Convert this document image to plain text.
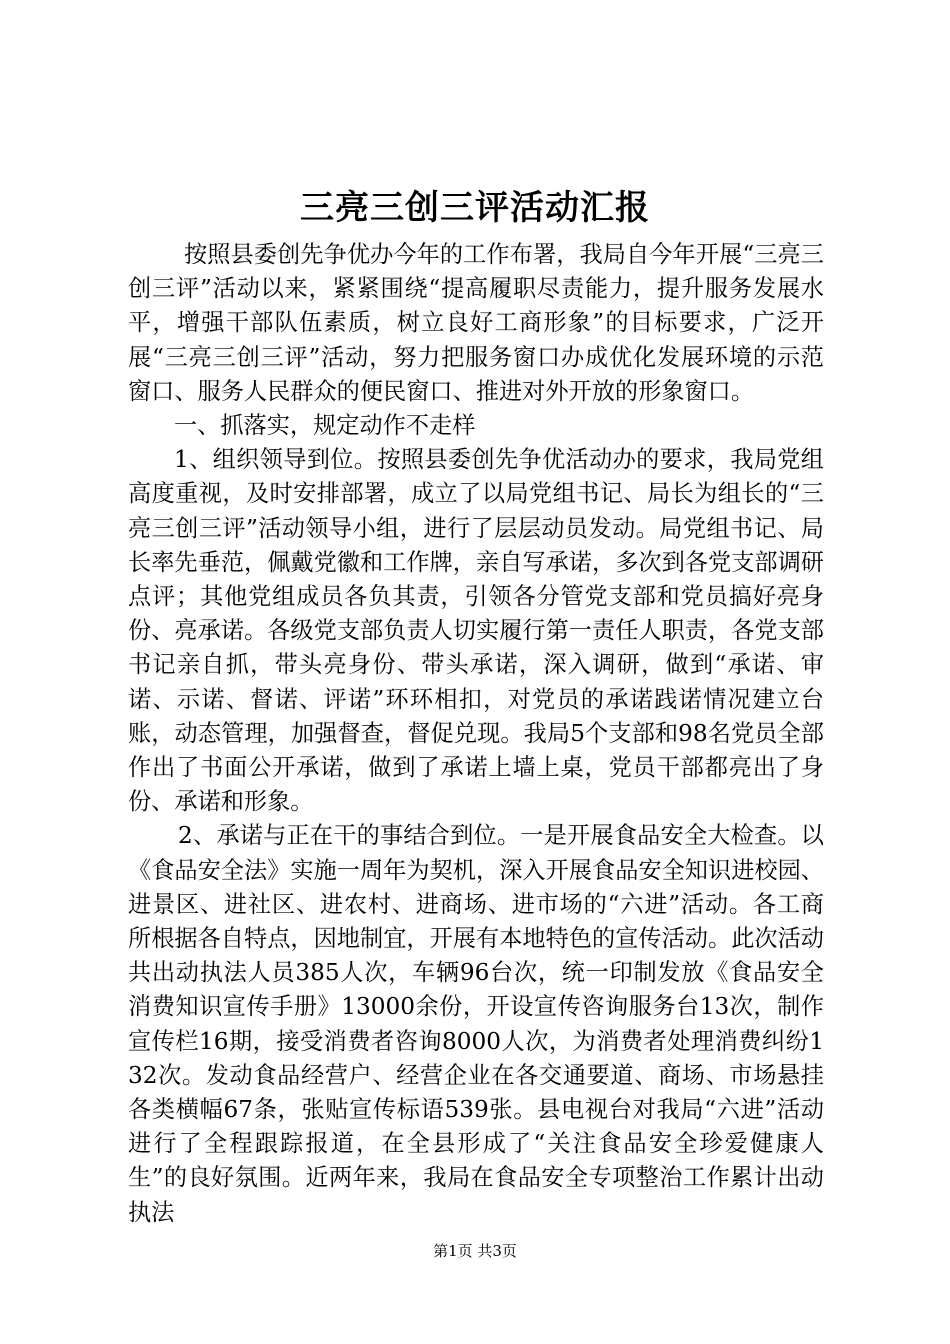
三亮三创三评活动汇报

按照县委创先争优办今年的工作布署，我局自今年开展“三亮三创三评”活动以来，紧紧围绕“提高履职尽责能力，提升服务发展水平，增强干部队伍素质，树立良好工商形象”的目标要求，广泛开展“三亮三创三评”活动，努力把服务窗口办成优化发展环境的示范窗口、服务人民群众的便民窗口、推进对外开放的形象窗口。

一、抓落实，规定动作不走样

1、组织领导到位。按照县委创先争优活动办的要求，我局党组高度重视，及时安排部署，成立了以局党组书记、局长为组长的“三亮三创三评”活动领导小组，进行了层层动员发动。局党组书记、局长率先垂范，佩戴党徽和工作牌，亲自写承诺，多次到各党支部调研点评；其他党组成员各负其责，引领各分管党支部和党员搞好亮身份、亮承诺。各级党支部负责人切实履行第一责任人职责，各党支部书记亲自抓，带头亮身份、带头承诺，深入调研，做到“承诺、审诺、示诺、督诺、评诺”环环相扣，对党员的承诺践诺情况建立台账，动态管理，加强督查，督促兑现。我局5个支部和98名党员全部作出了书面公开承诺，做到了承诺上墙上桌，党员干部都亮出了身份、承诺和形象。

2、承诺与正在干的事结合到位。一是开展食品安全大检查。以《食品安全法》实施一周年为契机，深入开展食品安全知识进校园、进景区、进社区、进农村、进商场、进市场的“六进”活动。各工商所根据各自特点，因地制宜，开展有本地特色的宣传活动。此次活动共出动执法人员385人次，车辆96台次，统一印制发放《食品安全消费知识宣传手册》13000余份，开设宣传咨询服务台13次，制作宣传栏16期，接受消费者咨询8000人次，为消费者处理消费纠纷132次。发动食品经营户、经营企业在各交通要道、商场、市场悬挂各类横幅67条，张贴宣传标语539张。县电视台对我局“六进”活动进行了全程跟踪报道，在全县形成了“关注食品安全珍爱健康人生”的良好氛围。近两年来，我局在食品安全专项整治工作累计出动执法

第1页 共3页
